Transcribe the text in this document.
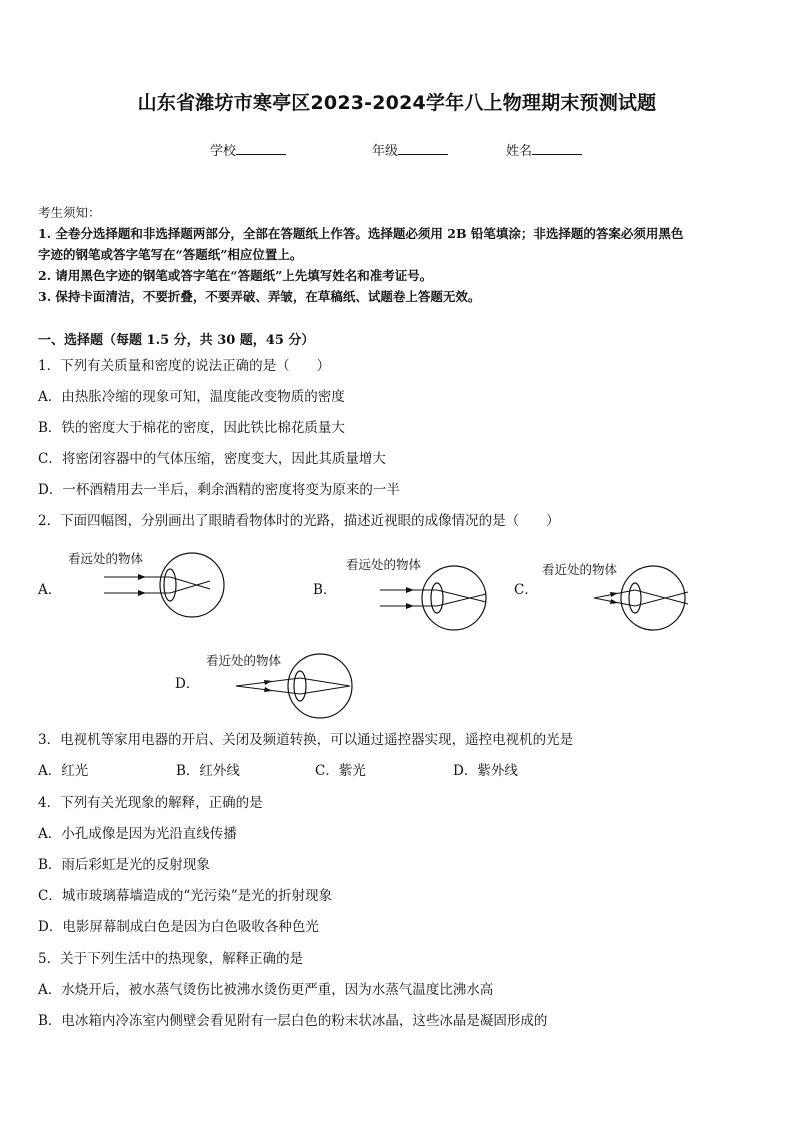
山东省潍坊市寒亭区2023-2024学年八上物理期末预测试题
学校	年级	姓名
考生须知：
1. 全卷分选择题和非选择题两部分，全部在答题纸上作答。选择题必须用 2B 铅笔填涂；非选择题的答案必须用黑色
字迹的钢笔或答字笔写在“答题纸”相应位置上。
2. 请用黑色字迹的钢笔或答字笔在“答题纸”上先填写姓名和准考证号。
3. 保持卡面清洁，不要折叠，不要弄破、弄皱，在草稿纸、试题卷上答题无效。
一、选择题（每题 1.5 分，共 30 题，45 分）
1．下列有关质量和密度的说法正确的是（　　）
A．由热胀冷缩的现象可知，温度能改变物质的密度
B．铁的密度大于棉花的密度，因此铁比棉花质量大
C．将密闭容器中的气体压缩，密度变大，因此其质量增大
D．一杯酒精用去一半后，剩余酒精的密度将变为原来的一半
2．下面四幅图，分别画出了眼睛看物体时的光路，描述近视眼的成像情况的是（　　）
A．
看远处的物体
B．
看远处的物体
C．
看近处的物体
D．
看近处的物体
3．电视机等家用电器的开启、关闭及频道转换，可以通过遥控器实现，遥控电视机的光是
A．红光	B．红外线	C．紫光	D．紫外线
4．下列有关光现象的解释，正确的是
A．小孔成像是因为光沿直线传播
B．雨后彩虹是光的反射现象
C．城市玻璃幕墙造成的“光污染”是光的折射现象
D．电影屏幕制成白色是因为白色吸收各种色光
5．关于下列生活中的热现象，解释正确的是
A．水烧开后，被水蒸气烫伤比被沸水烫伤更严重，因为水蒸气温度比沸水高
B．电冰箱内冷冻室内侧壁会看见附有一层白色的粉末状冰晶，这些冰晶是凝固形成的
